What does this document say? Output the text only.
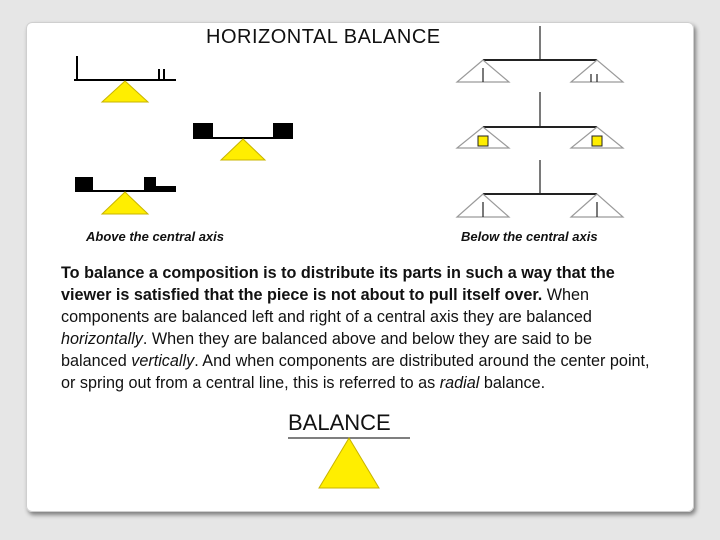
HORIZONTAL BALANCE

Above the central axis	Below the central axis

To balance a composition is to distribute its parts in such a way that the viewer is satisfied that the piece is not about to pull itself over. When components are balanced left and right of a central axis they are balanced horizontally. When they are balanced above and below they are said to be balanced vertically. And when components are distributed around the center point, or spring out from a central line, this is referred to as radial balance.

BALANCE
